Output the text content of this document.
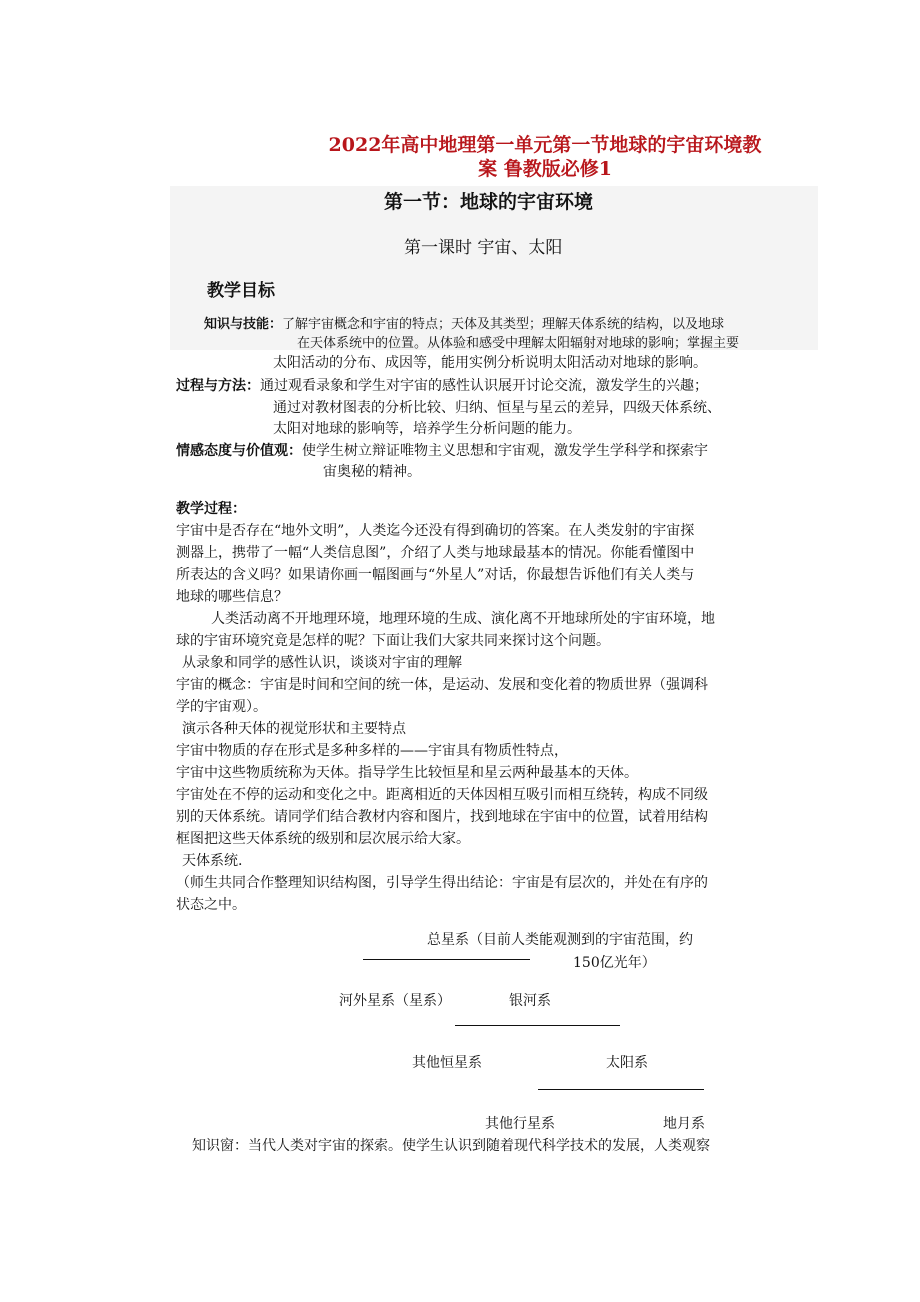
2022年高中地理第一单元第一节地球的宇宙环境教
案 鲁教版必修1
第一节：地球的宇宙环境
第一课时 宇宙、太阳
教学目标
知识与技能：了解宇宙概念和宇宙的特点；天体及其类型；理解天体系统的结构，以及地球
在天体系统中的位置。从体验和感受中理解太阳辐射对地球的影响；掌握主要
太阳活动的分布、成因等，能用实例分析说明太阳活动对地球的影响。
过程与方法：通过观看录象和学生对宇宙的感性认识展开讨论交流，激发学生的兴趣；
通过对教材图表的分析比较、归纳、恒星与星云的差异，四级天体系统、
太阳对地球的影响等，培养学生分析问题的能力。
情感态度与价值观：使学生树立辩证唯物主义思想和宇宙观，激发学生学科学和探索宇
宙奥秘的精神。
教学过程：
宇宙中是否存在“地外文明”，人类迄今还没有得到确切的答案。在人类发射的宇宙探
测器上，携带了一幅“人类信息图”，介绍了人类与地球最基本的情况。你能看懂图中
所表达的含义吗？如果请你画一幅图画与“外星人”对话，你最想告诉他们有关人类与
地球的哪些信息？
人类活动离不开地理环境，地理环境的生成、演化离不开地球所处的宇宙环境，地
球的宇宙环境究竟是怎样的呢？下面让我们大家共同来探讨这个问题。
从录象和同学的感性认识，谈谈对宇宙的理解
宇宙的概念：宇宙是时间和空间的统一体，是运动、发展和变化着的物质世界（强调科
学的宇宙观）。
演示各种天体的视觉形状和主要特点
宇宙中物质的存在形式是多种多样的——宇宙具有物质性特点，
宇宙中这些物质统称为天体。指导学生比较恒星和星云两种最基本的天体。
宇宙处在不停的运动和变化之中。距离相近的天体因相互吸引而相互绕转，构成不同级
别的天体系统。请同学们结合教材内容和图片，找到地球在宇宙中的位置，试着用结构
框图把这些天体系统的级别和层次展示给大家。
天体系统.
（师生共同合作整理知识结构图，引导学生得出结论：宇宙是有层次的，并处在有序的
状态之中。
总星系（目前人类能观测到的宇宙范围，约
150亿光年）
河外星系（星系）	银河系
其他恒星系	太阳系
其他行星系	地月系
知识窗：当代人类对宇宙的探索。使学生认识到随着现代科学技术的发展，人类观察
